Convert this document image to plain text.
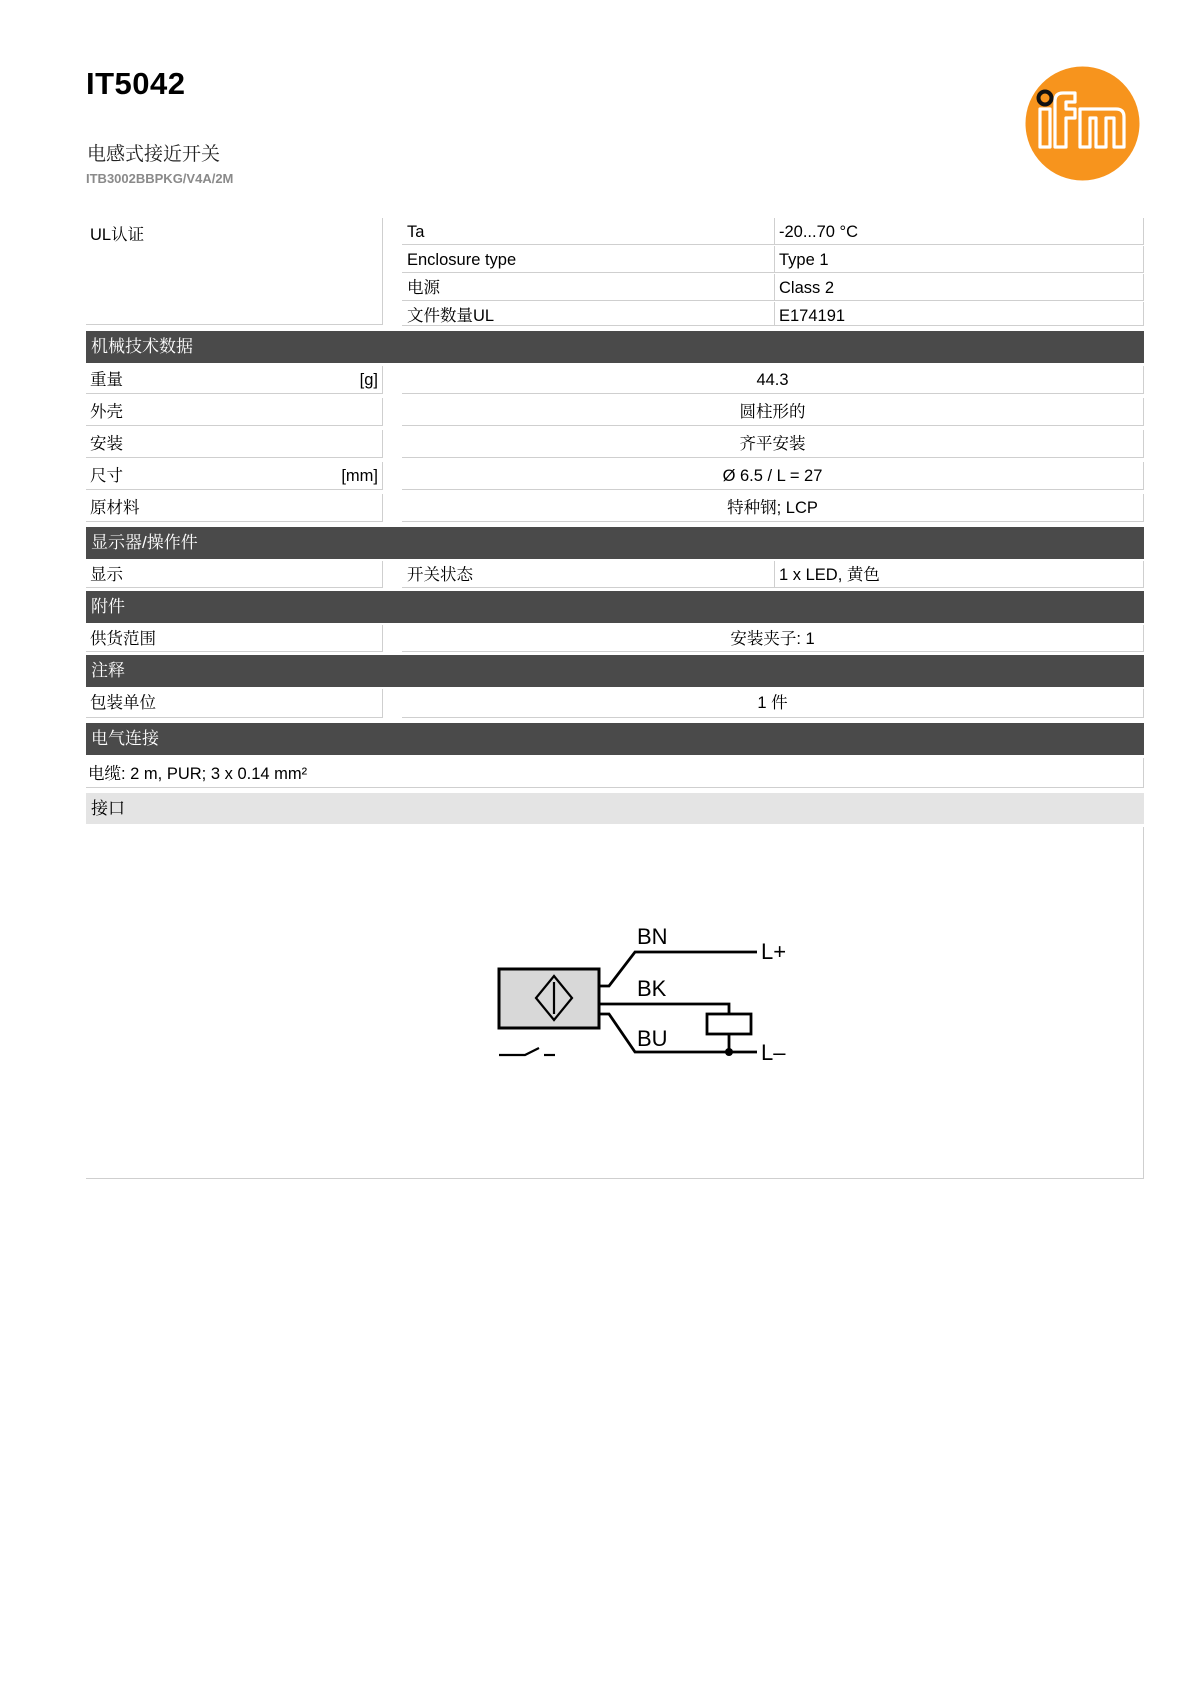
IT5042
电感式接近开关
ITB3002BBPKG/V4A/2M	ifm
UL认证	Ta	-20...70 °C
Enclosure type	Type 1
电源	Class 2
文件数量UL	E174191
机械技术数据
重量	[g]	44.3
外壳	圆柱形的
安装	齐平安装
尺寸	[mm]	Ø 6.5 / L = 27
原材料	特种钢; LCP
显示器/操作件
显示	开关状态	1 x LED, 黄色
附件
供货范围	安装夹子: 1
注释
包装单位	1 件
电气连接
电缆: 2 m, PUR; 3 x 0.14 mm²
接口
BN
BK
BU
L+
L–
